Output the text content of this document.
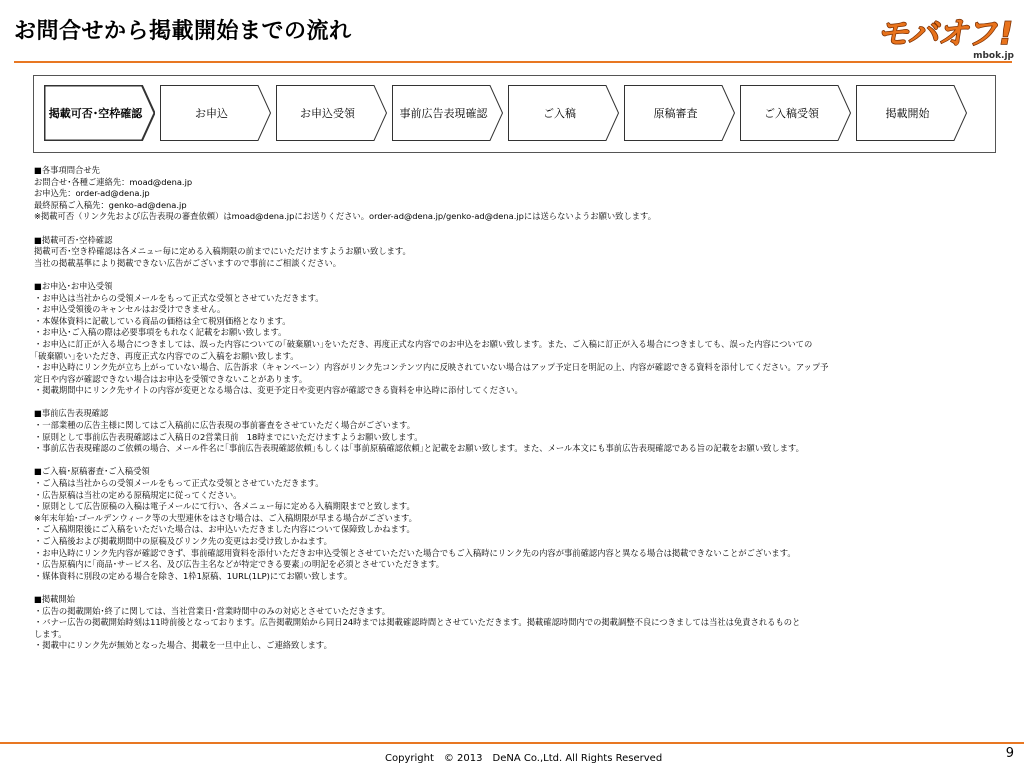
お問合せから掲載開始までの流れ	モバオフ!
mbok.jp
掲載可否･空枠確認	お申込	お申込受領	事前広告表現確認	ご入稿	原稿審査	ご入稿受領	掲載開始

■各事項問合せ先

お問合せ･各種ご連絡先：moad@dena.jp

お申込先：order-ad@dena.jp

最終原稿ご入稿先：genko-ad@dena.jp

※掲載可否（リンク先および広告表現の審査依頼）はmoad@dena.jpにお送りください。order-ad@dena.jp/genko-ad@dena.jpには送らないようお願い致します。

■掲載可否･空枠確認

掲載可否･空き枠確認は各メニュー毎に定める入稿期限の前までにいただけますようお願い致します。

当社の掲載基準により掲載できない広告がございますので事前にご相談ください。

■お申込･お申込受領

・お申込は当社からの受領メールをもって正式な受領とさせていただきます。

・お申込受領後のキャンセルはお受けできません。

・本媒体資料に記載している商品の価格は全て税別価格となります。

・お申込･ご入稿の際は必要事項をもれなく記載をお願い致します。

・お申込に訂正が入る場合につきましては、誤った内容についての｢破棄願い｣をいただき、再度正式な内容でのお申込をお願い致します。また、ご入稿に訂正が入る場合につきましても、誤った内容についての

｢破棄願い｣をいただき、再度正式な内容でのご入稿をお願い致します。

・お申込時にリンク先が立ち上がっていない場合、広告訴求（キャンペーン）内容がリンク先コンテンツ内に反映されていない場合はアップ予定日を明記の上、内容が確認できる資料を添付してください。アップ予

定日や内容が確認できない場合はお申込を受領できないことがあります。

・掲載期間中にリンク先サイトの内容が変更となる場合は、変更予定日や変更内容が確認できる資料を申込時に添付してください。

■事前広告表現確認

・一部業種の広告主様に関してはご入稿前に広告表現の事前審査をさせていただく場合がございます。

・原則として事前広告表現確認はご入稿日の2営業日前　18時までにいただけますようお願い致します。

・事前広告表現確認のご依頼の場合、メール件名に｢事前広告表現確認依頼｣もしくは｢事前原稿確認依頼｣と記載をお願い致します。また、メール本文にも事前広告表現確認である旨の記載をお願い致します。

■ご入稿･原稿審査･ご入稿受領

・ご入稿は当社からの受領メールをもって正式な受領とさせていただきます。

・広告原稿は当社の定める原稿規定に従ってください。

・原則として広告原稿の入稿は電子メールにて行い、各メニュー毎に定める入稿期限までと致します。

※年末年始･ゴールデンウィーク等の大型連休をはさむ場合は、ご入稿期限が早まる場合がございます。

・ご入稿期限後にご入稿をいただいた場合は、お申込いただきました内容について保障致しかねます。

・ご入稿後および掲載期間中の原稿及びリンク先の変更はお受け致しかねます。

・お申込時にリンク先内容が確認できず、事前確認用資料を添付いただきお申込受領とさせていただいた場合でもご入稿時にリンク先の内容が事前確認内容と異なる場合は掲載できないことがございます。

・広告原稿内に｢商品･サービス名、及び広告主名などが特定できる要素｣の明記を必須とさせていただきます。

・媒体資料に別段の定める場合を除き、1枠1原稿、1URL(1LP)にてお願い致します。

■掲載開始

・広告の掲載開始･終了に関しては、当社営業日･営業時間中のみの対応とさせていただきます。

・バナー広告の掲載開始時刻は11時前後となっております。広告掲載開始から同日24時までは掲載確認時間とさせていただきます。掲載確認時間内での掲載調整不良につきましては当社は免責されるものと

します。

・掲載中にリンク先が無効となった場合、掲載を一旦中止し、ご連絡致します。

Copyright　© 2013　DeNA Co.,Ltd. All Rights Reserved	9
